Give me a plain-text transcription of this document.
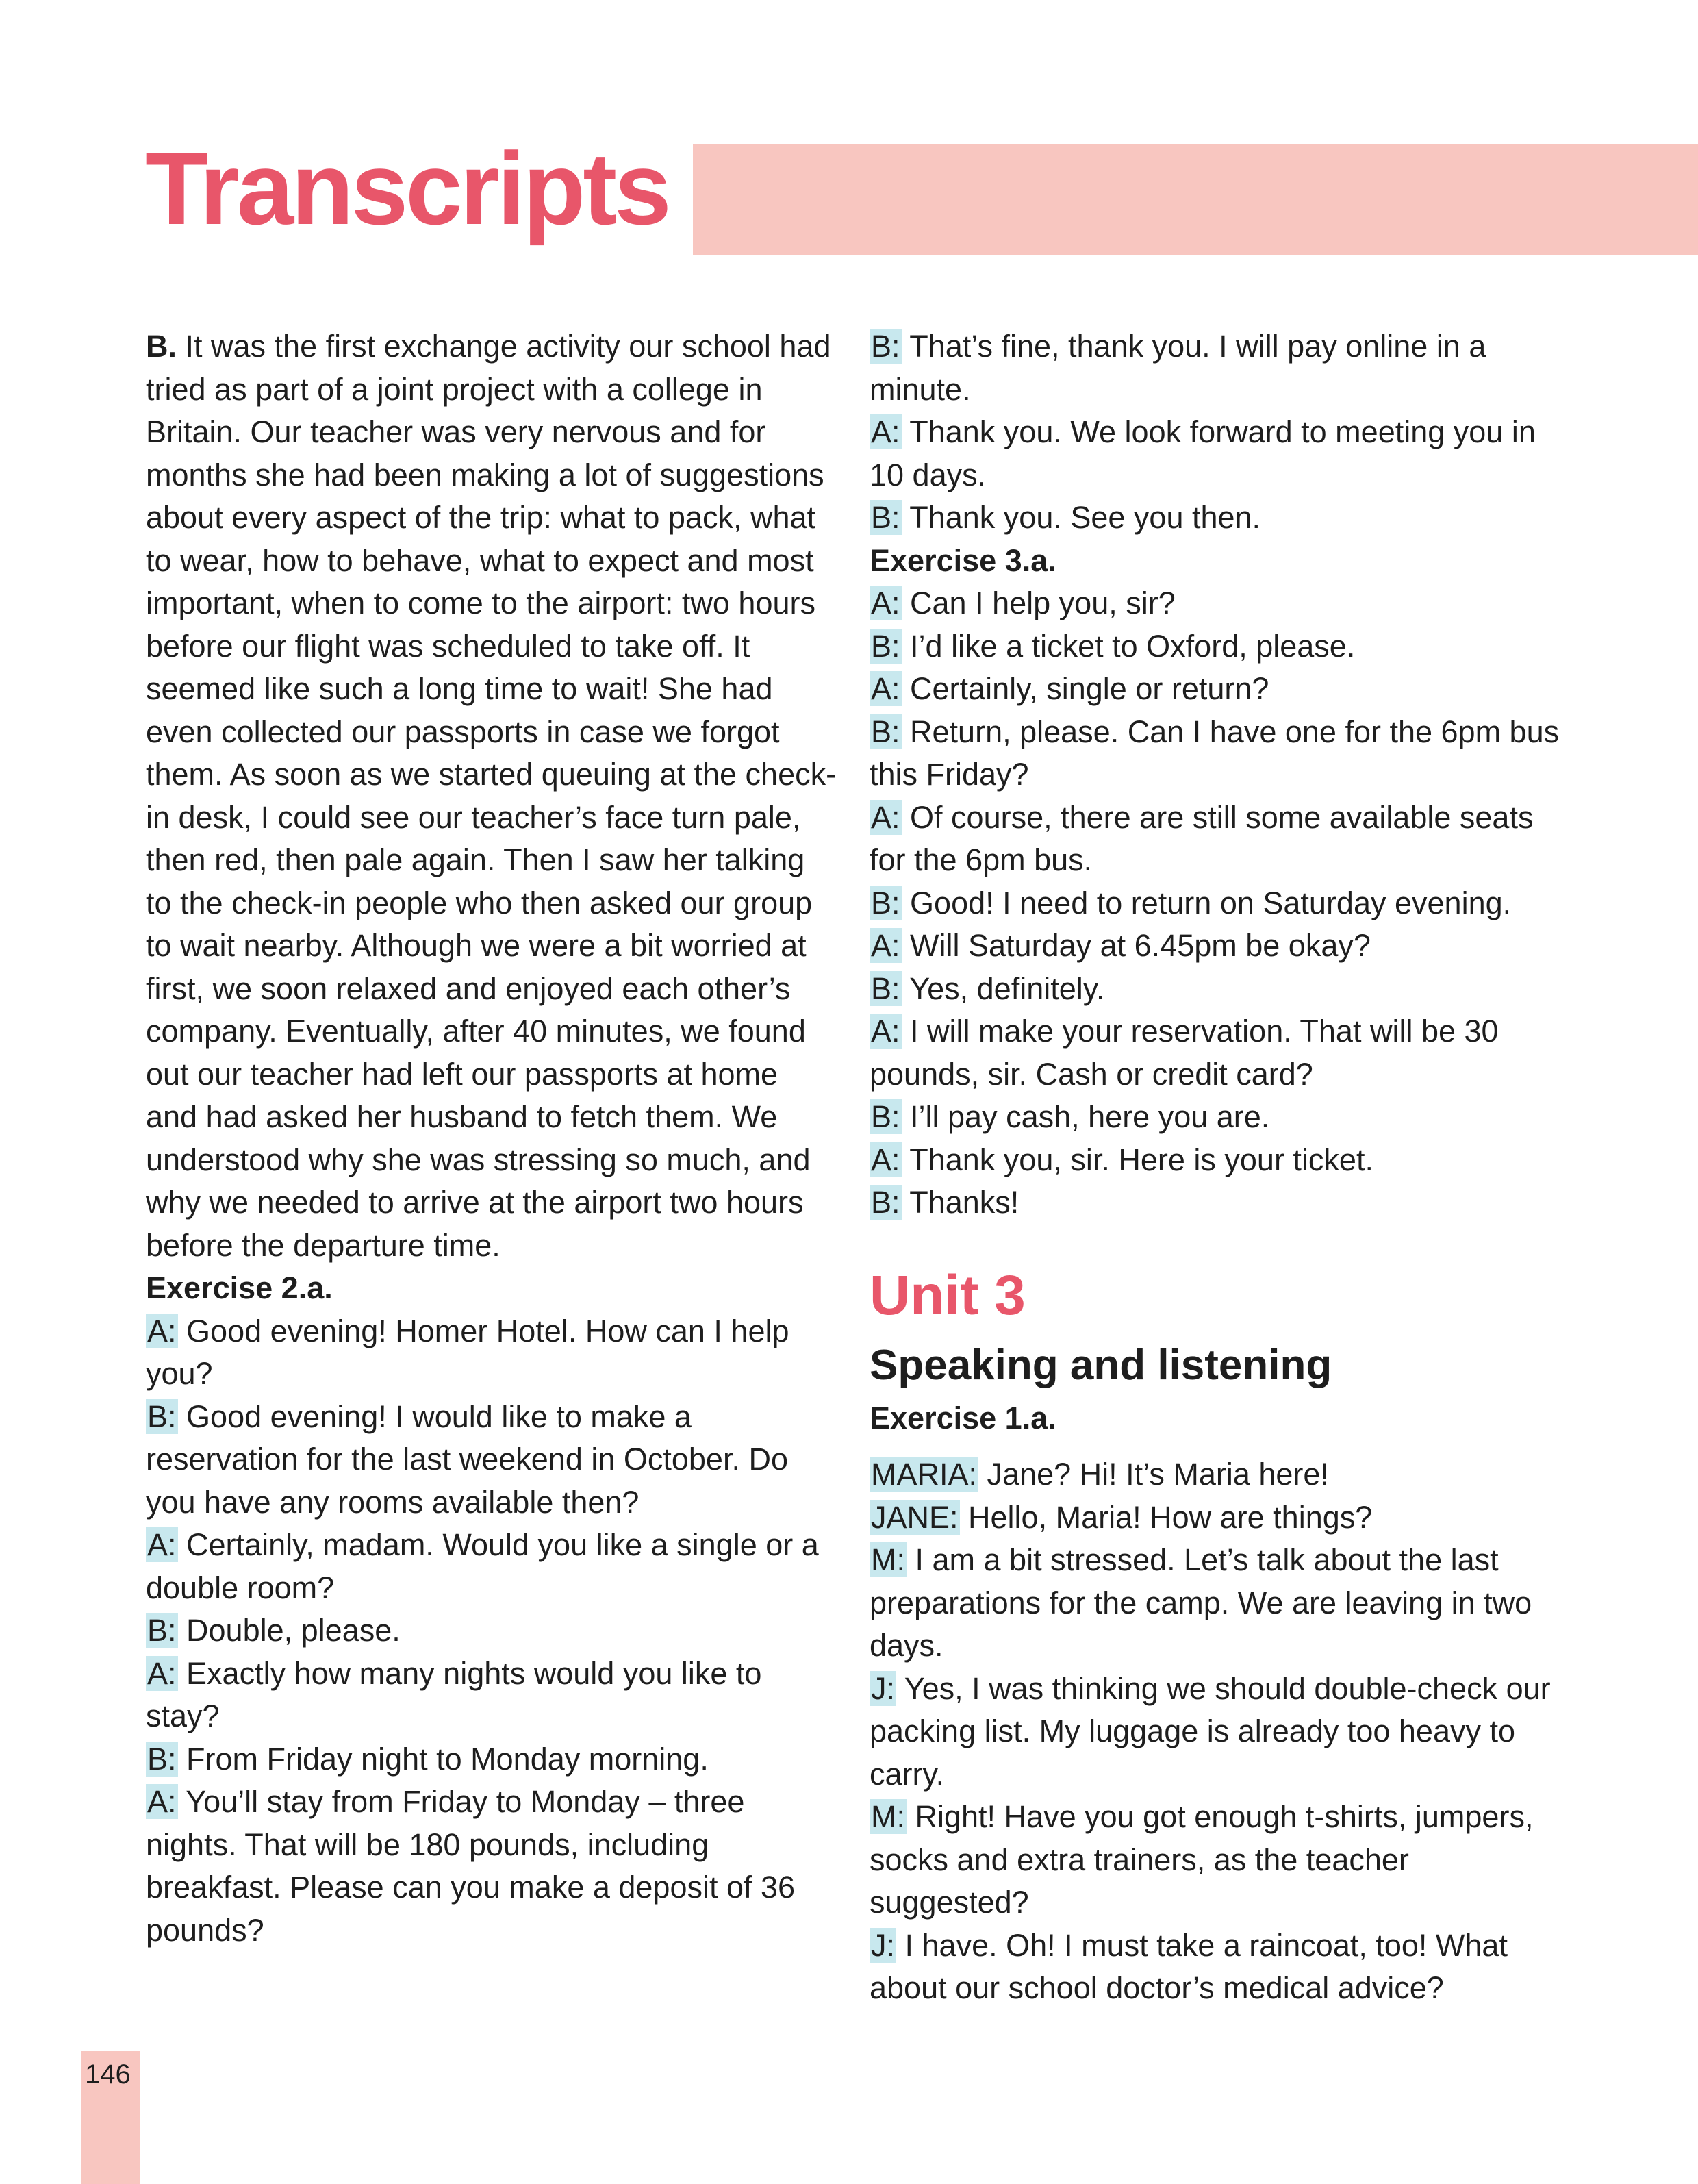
Transcripts

B. It was the first exchange activity our school had tried as part of a joint project with a college in Britain. Our teacher was very nervous and for months she had been making a lot of suggestions about every aspect of the trip: what to pack, what to wear, how to behave, what to expect and most important, when to come to the airport: two hours before our flight was scheduled to take off. It seemed like such a long time to wait! She had even collected our passports in case we forgot them. As soon as we started queuing at the check-in desk, I could see our teacher’s face turn pale, then red, then pale again. Then I saw her talking to the check-in people who then asked our group to wait nearby. Although we were a bit worried at first, we soon relaxed and enjoyed each other’s company. Eventually, after 40 minutes, we found out our teacher had left our passports at home and had asked her husband to fetch them. We understood why she was stressing so much, and why we needed to arrive at the airport two hours before the departure time.

Exercise 2.a.

A: Good evening! Homer Hotel. How can I help you?

B: Good evening! I would like to make a reservation for the last weekend in October. Do you have any rooms available then?

A: Certainly, madam. Would you like a single or a double room?

B: Double, please.

A: Exactly how many nights would you like to stay?

B: From Friday night to Monday morning.

A: You’ll stay from Friday to Monday – three nights. That will be 180 pounds, including breakfast. Please can you make a deposit of 36 pounds?

B: That’s fine, thank you. I will pay online in a minute.

A: Thank you. We look forward to meeting you in 10 days.

B: Thank you. See you then.

Exercise 3.a.

A: Can I help you, sir?

B: I’d like a ticket to Oxford, please.

A: Certainly, single or return?

B: Return, please. Can I have one for the 6pm bus this Friday?

A: Of course, there are still some available seats for the 6pm bus.

B: Good! I need to return on Saturday evening.

A: Will Saturday at 6.45pm be okay?

B: Yes, definitely.

A: I will make your reservation. That will be 30 pounds, sir. Cash or credit card?

B: I’ll pay cash, here you are.

A: Thank you, sir. Here is your ticket.

B: Thanks!

Unit 3

Speaking and listening

Exercise 1.a.

MARIA: Jane? Hi! It’s Maria here!

JANE: Hello, Maria! How are things?

M: I am a bit stressed. Let’s talk about the last preparations for the camp. We are leaving in two days.

J: Yes, I was thinking we should double-check our packing list. My luggage is already too heavy to carry.

M: Right! Have you got enough t-shirts, jumpers, socks and extra trainers, as the teacher suggested?

J: I have. Oh! I must take a raincoat, too! What about our school doctor’s medical advice?

146
